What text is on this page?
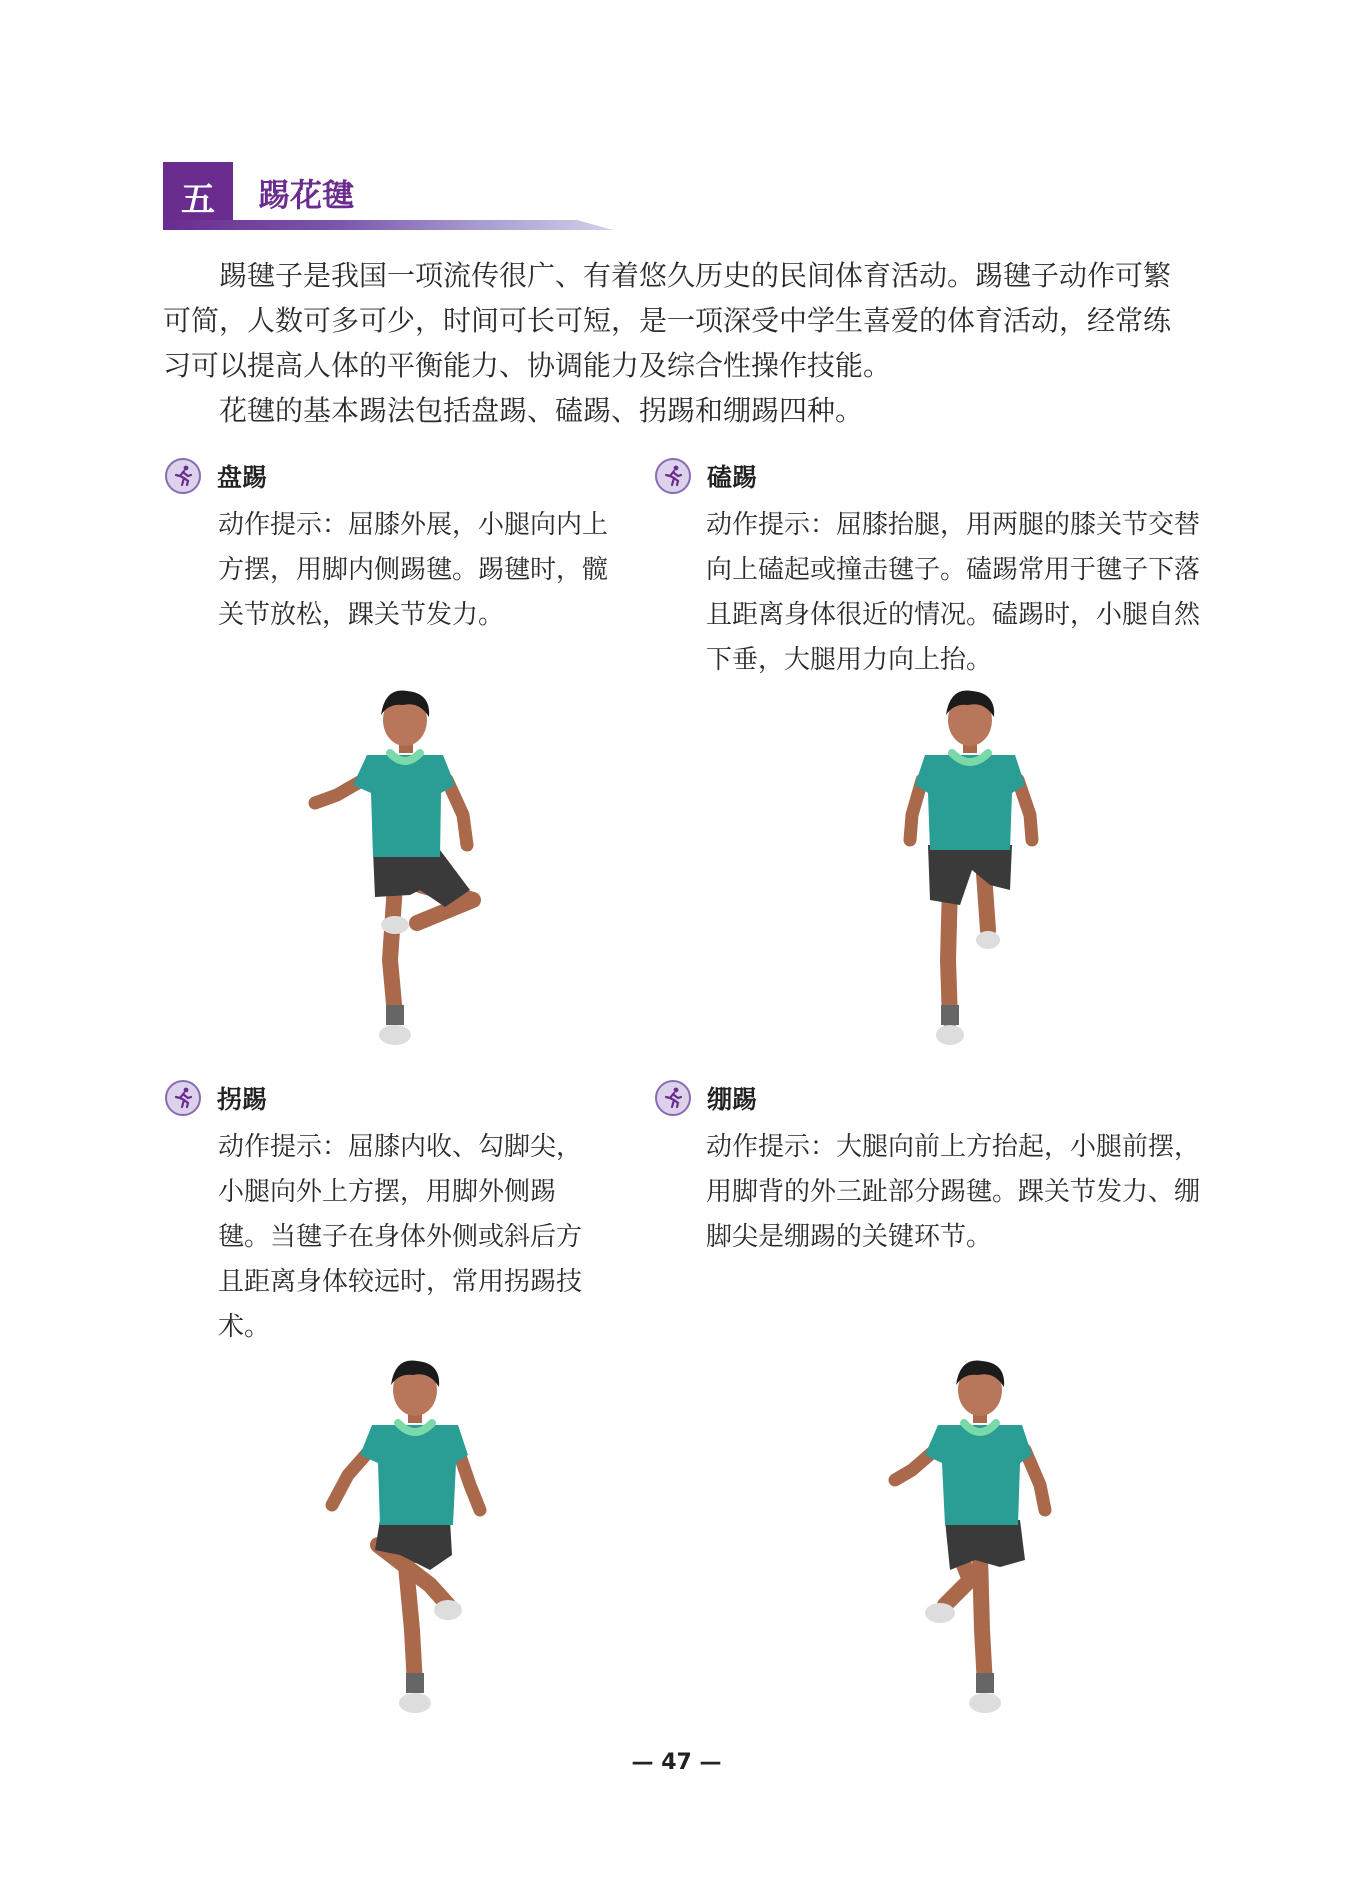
五	踢花毽

踢毽子是我国一项流传很广、有着悠久历史的民间体育活动。踢毽子动作可繁可简，人数可多可少，时间可长可短，是一项深受中学生喜爱的体育活动，经常练习可以提高人体的平衡能力、协调能力及综合性操作技能。

花毽的基本踢法包括盘踢、磕踢、拐踢和绷踢四种。

盘踢
动作提示：屈膝外展，小腿向内上方摆，用脚内侧踢毽。踢毽时，髋关节放松，踝关节发力。
磕踢
动作提示：屈膝抬腿，用两腿的膝关节交替向上磕起或撞击毽子。磕踢常用于毽子下落且距离身体很近的情况。磕踢时，小腿自然下垂，大腿用力向上抬。
拐踢
动作提示：屈膝内收、勾脚尖，小腿向外上方摆，用脚外侧踢毽。当毽子在身体外侧或斜后方且距离身体较远时，常用拐踢技术。
绷踢
动作提示：大腿向前上方抬起，小腿前摆，用脚背的外三趾部分踢毽。踝关节发力、绷脚尖是绷踢的关键环节。
— 47 —
